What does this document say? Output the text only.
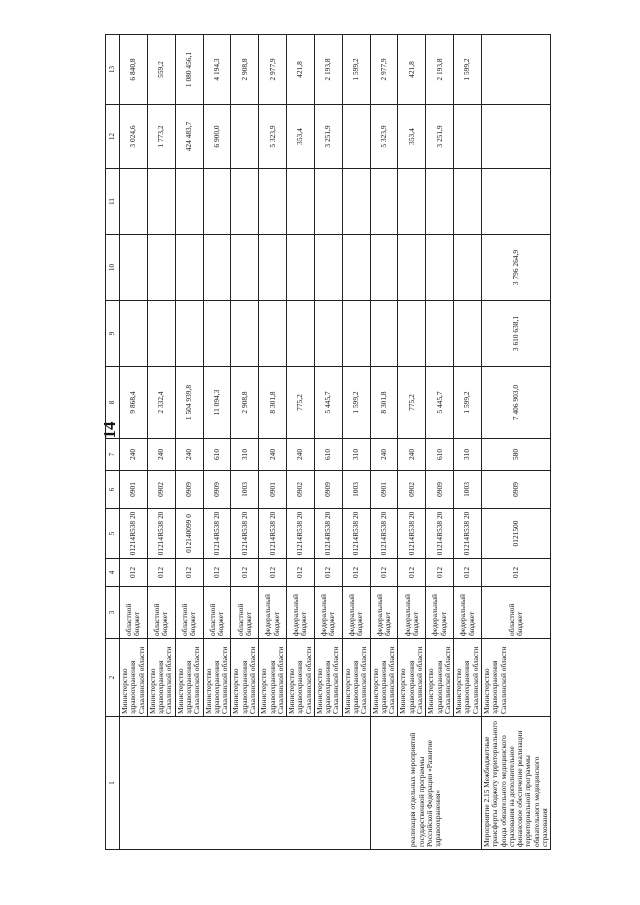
14
1	2	3	4	5	6	7	8	9	10	11	12	13
	Министерство здравоохранения Сахалинской области	областной бюджет	012	01214R538 20	0901	240	9 868,4				3 024,6	6 840,8
	Министерство здравоохранения Сахалинской области	областной бюджет	012	01214R538 20	0902	240	2 332,4				1 773,2	559,2
	Министерство здравоохранения Сахалинской области	областной бюджет	012	012140099 0	0909	240	1 504 939,8				424 483,7	1 080 456,1
	Министерство здравоохранения Сахалинской области	областной бюджет	012	01214R538 20	0909	610	11 094,3				6 900,0	4 194,3
	Министерство здравоохранения Сахалинской области	областной бюджет	012	01214R538 20	1003	310	2 908,8					2 908,8
	Министерство здравоохранения Сахалинской области	федеральный бюджет	012	01214R538 20	0901	240	8 301,8				5 323,9	2 977,9
	Министерство здравоохранения Сахалинской области	федеральный бюджет	012	01214R538 20	0902	240	775,2				353,4	421,8
	Министерство здравоохранения Сахалинской области	федеральный бюджет	012	01214R538 20	0909	610	5 445,7				3 251,9	2 193,8
	Министерство здравоохранения Сахалинской области	федеральный бюджет	012	01214R538 20	1003	310	1 599,2					1 599,2
реализация отдельных мероприятий государственной программы Российской Федерации «Развитие здравоохранения»	Министерство здравоохранения Сахалинской области	федеральный бюджет	012	01214R538 20	0901	240	8 301,8				5 323,9	2 977,9
	Министерство здравоохранения Сахалинской области	федеральный бюджет	012	01214R538 20	0902	240	775,2				353,4	421,8
	Министерство здравоохранения Сахалинской области	федеральный бюджет	012	01214R538 20	0909	610	5 445,7				3 251,9	2 193,8
	Министерство здравоохранения Сахалинской области	федеральный бюджет	012	01214R538 20	1003	310	1 599,2					1 599,2
Мероприятие 2.15 Межбюджетные трансферты бюджету территориального фонда обязательного медицинского страхования на дополнительное финансовое обеспечение реализации территориальной программы обязательного медицинского страхования	Министерство здравоохранения Сахалинской области	областной бюджет	012	0121500	0909	580	7 406 903,0	3 610 638,1	3 796 264,9			
